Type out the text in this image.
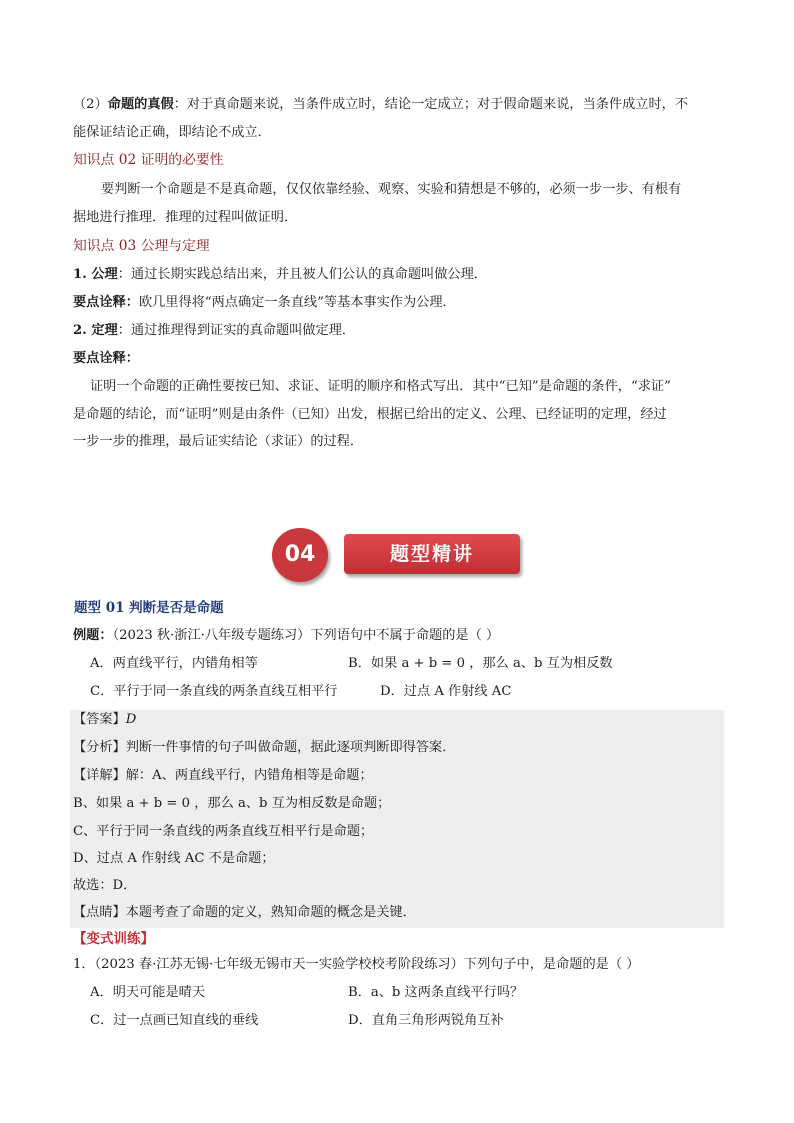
（2）命题的真假：对于真命题来说，当条件成立时，结论一定成立；对于假命题来说，当条件成立时，不
能保证结论正确，即结论不成立．
知识点 02 证明的必要性
要判断一个命题是不是真命题，仅仅依靠经验、观察、实验和猜想是不够的，必须一步一步、有根有
据地进行推理．推理的过程叫做证明．
知识点 03 公理与定理
1. 公理：通过长期实践总结出来，并且被人们公认的真命题叫做公理．
要点诠释：欧几里得将“两点确定一条直线”等基本事实作为公理．
2. 定理：通过推理得到证实的真命题叫做定理．
要点诠释：
证明一个命题的正确性要按已知、求证、证明的顺序和格式写出．其中“已知”是命题的条件，“求证”
是命题的结论，而“证明”则是由条件（已知）出发，根据已给出的定义、公理、已经证明的定理，经过
一步一步的推理，最后证实结论（求证）的过程．
题型精讲
04
题型 01 判断是否是命题
例题：（2023 秋·浙江·八年级专题练习）下列语句中不属于命题的是（ ）
A．两直线平行，内错角相等	B．如果 a + b = 0 ，那么 a、b 互为相反数
C．平行于同一条直线的两条直线互相平行	D．过点 A 作射线 AC
【答案】D
【分析】判断一件事情的句子叫做命题，据此逐项判断即得答案．
【详解】解：A、两直线平行，内错角相等是命题；
B、如果 a + b = 0 ，那么 a、b 互为相反数是命题；
C、平行于同一条直线的两条直线互相平行是命题；
D、过点 A 作射线 AC 不是命题；
故选：D．
【点睛】本题考查了命题的定义，熟知命题的概念是关键．
【变式训练】
1．（2023 春·江苏无锡·七年级无锡市天一实验学校校考阶段练习）下列句子中，是命题的是（ ）
A．明天可能是晴天	B．a、b 这两条直线平行吗？
C．过一点画已知直线的垂线	D．直角三角形两锐角互补
